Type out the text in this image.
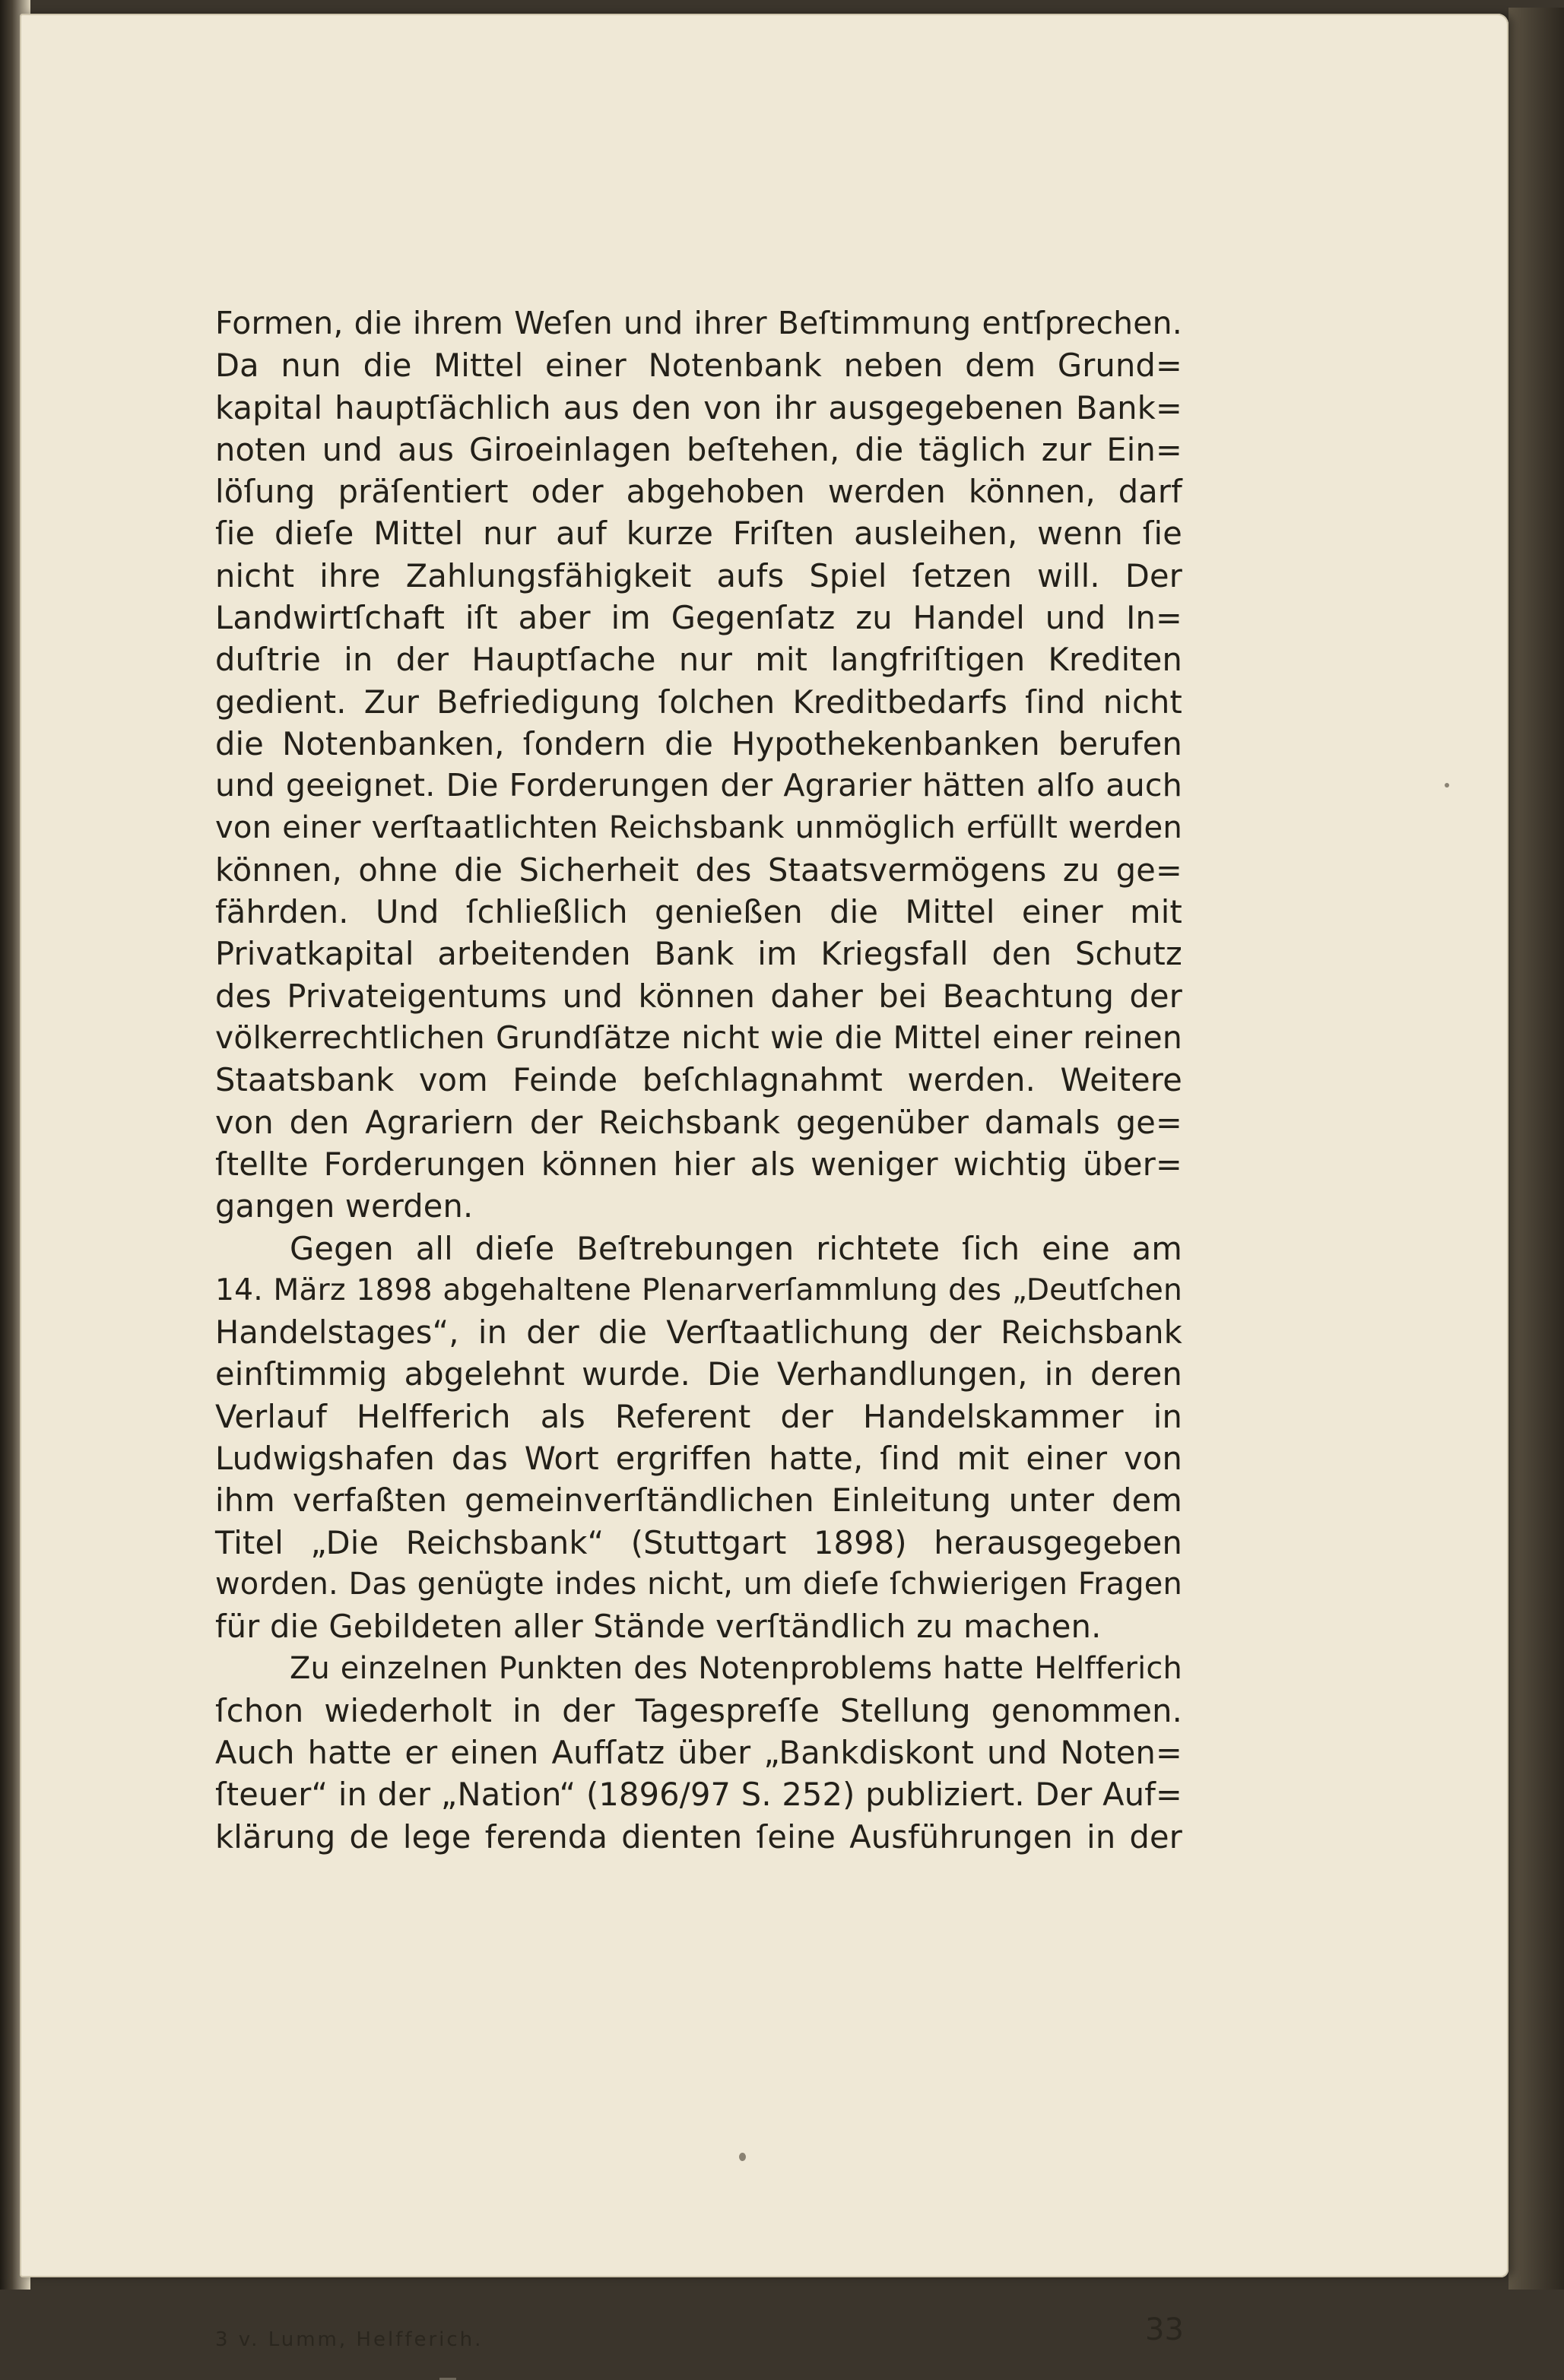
Formen, die ihrem Weſen und ihrer Beſtimmung entſprechen.
Da nun die Mittel einer Notenbank neben dem Grund=
kapital hauptſächlich aus den von ihr ausgegebenen Bank=
noten und aus Giroeinlagen beſtehen, die täglich zur Ein=
löſung präſentiert oder abgehoben werden können, darf
ſie dieſe Mittel nur auf kurze Friſten ausleihen, wenn ſie
nicht ihre Zahlungsfähigkeit aufs Spiel ſetzen will. Der
Landwirtſchaft iſt aber im Gegenſatz zu Handel und In=
duſtrie in der Hauptſache nur mit langfriſtigen Krediten
gedient. Zur Befriedigung ſolchen Kreditbedarfs ſind nicht
die Notenbanken, ſondern die Hypothekenbanken berufen
und geeignet. Die Forderungen der Agrarier hätten alſo auch
von einer verſtaatlichten Reichsbank unmöglich erfüllt werden
können, ohne die Sicherheit des Staatsvermögens zu ge=
fährden. Und ſchließlich genießen die Mittel einer mit
Privatkapital arbeitenden Bank im Kriegsfall den Schutz
des Privateigentums und können daher bei Beachtung der
völkerrechtlichen Grundſätze nicht wie die Mittel einer reinen
Staatsbank vom Feinde beſchlagnahmt werden. Weitere
von den Agrariern der Reichsbank gegenüber damals ge=
ſtellte Forderungen können hier als weniger wichtig über=
gangen werden.
Gegen all dieſe Beſtrebungen richtete ſich eine am
14. März 1898 abgehaltene Plenarverſammlung des „Deutſchen
Handelstages“, in der die Verſtaatlichung der Reichsbank
einſtimmig abgelehnt wurde. Die Verhandlungen, in deren
Verlauf Helfferich als Referent der Handelskammer in
Ludwigshafen das Wort ergriffen hatte, ſind mit einer von
ihm verfaßten gemeinverſtändlichen Einleitung unter dem
Titel „Die Reichsbank“ (Stuttgart 1898) herausgegeben
worden. Das genügte indes nicht, um dieſe ſchwierigen Fragen
für die Gebildeten aller Stände verſtändlich zu machen.
Zu einzelnen Punkten des Notenproblems hatte Helfferich
ſchon wiederholt in der Tagespreſſe Stellung genommen.
Auch hatte er einen Aufſatz über „Bankdiskont und Noten=
ſteuer“ in der „Nation“ (1896/97 S. 252) publiziert. Der Auf=
klärung de lege ferenda dienten ſeine Ausführungen in der
3 v. Lumm, Helfferich.	33
